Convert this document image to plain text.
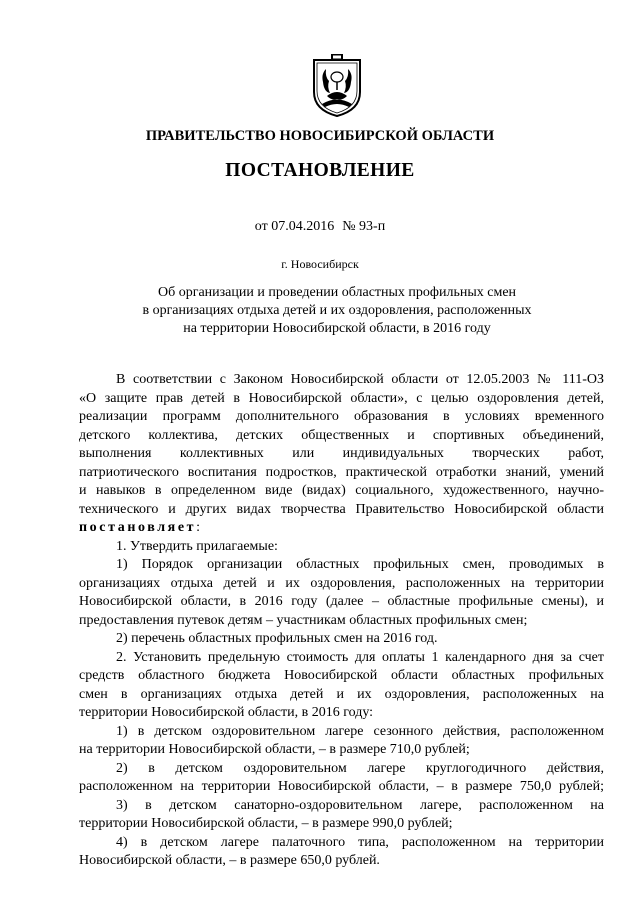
ПРАВИТЕЛЬСТВО НОВОСИБИРСКОЙ ОБЛАСТИ
ПОСТАНОВЛЕНИЕ
от 07.04.2016 № 93-п
г. Новосибирск
Об организации и проведении областных профильных смен
в организациях отдыха детей и их оздоровления, расположенных
на территории Новосибирской области, в 2016 году
В соответствии с Законом Новосибирской области от 12.05.2003 № 111-ОЗ
«О защите прав детей в Новосибирской области», с целью оздоровления детей,
реализации программ дополнительного образования в условиях временного
детского коллектива, детских общественных и спортивных объединений,
выполнения коллективных или индивидуальных творческих работ,
патриотического воспитания подростков, практической отработки знаний, умений
и навыков в определенном виде (видах) социального, художественного, научно-
технического и других видах творчества Правительство Новосибирской области
постановляет:
1. Утвердить прилагаемые:
1) Порядок организации областных профильных смен, проводимых в
организациях отдыха детей и их оздоровления, расположенных на территории
Новосибирской области, в 2016 году (далее – областные профильные смены), и
предоставления путевок детям – участникам областных профильных смен;
2) перечень областных профильных смен на 2016 год.
2. Установить предельную стоимость для оплаты 1 календарного дня за счет
средств областного бюджета Новосибирской области областных профильных
смен в организациях отдыха детей и их оздоровления, расположенных на
территории Новосибирской области, в 2016 году:
1) в детском оздоровительном лагере сезонного действия, расположенном
на территории Новосибирской области, – в размере 710,0 рублей;
2) в детском оздоровительном лагере круглогодичного действия,
расположенном на территории Новосибирской области, – в размере 750,0 рублей;
3) в детском санаторно-оздоровительном лагере, расположенном на
территории Новосибирской области, – в размере 990,0 рублей;
4) в детском лагере палаточного типа, расположенном на территории
Новосибирской области, – в размере 650,0 рублей.
